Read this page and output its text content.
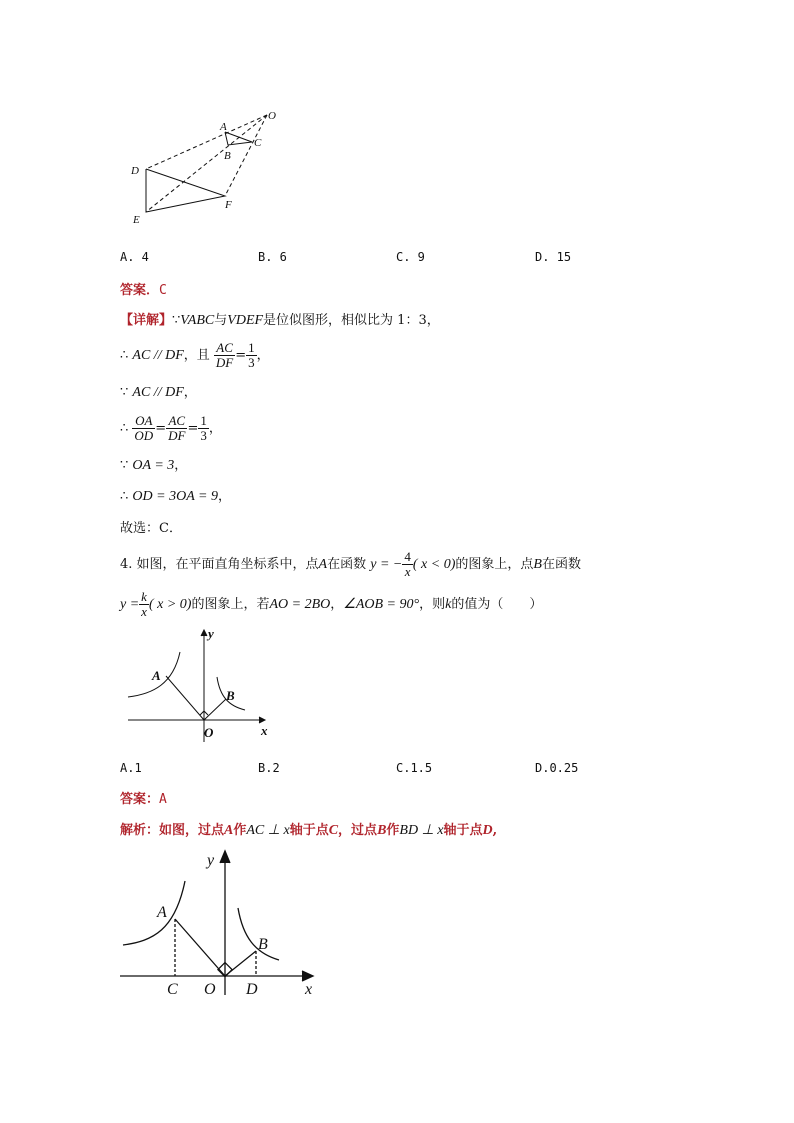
A
B
C
D
E
F
O
A. 4	B. 6	C. 9	D. 15
答案．C
【详解】∵VABC与VDEF是位似图形，相似比为 1：3，
∴ AC // DF，且 $\frac{AC}{DF} = \frac{1}{3}$ ，
∵ AC // DF，
∴ $\frac{OA}{OD} = \frac{AC}{DF} = \frac{1}{3}$ ，
∵ OA = 3，
∴ OD = 3OA = 9，
故选：C．
4. 如图，在平面直角坐标系中，点A在函数 y = − $\frac{4}{x}$ ( x < 0)的图象上，点B在函数
$y = \frac{k}{x}$ ( x > 0)的图象上，若AO = 2BO，∠AOB = 90°，则k的值为（　　）
y
A
B
O	x
A.1	B.2	C.1.5	D.0.25
答案：A
解析：如图，过点A作AC ⊥ x轴于点C，过点B作BD ⊥ x轴于点D,
y
A
B
C O D	x
